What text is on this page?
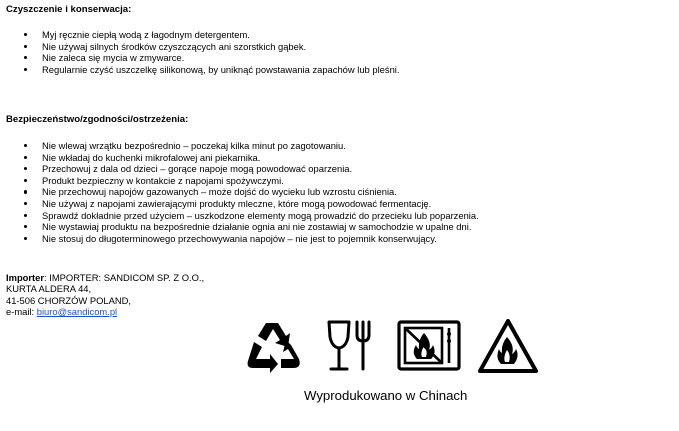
Czyszczenie i konserwacja:
Myj ręcznie ciepłą wodą z łagodnym detergentem.
Nie używaj silnych środków czyszczących ani szorstkich gąbek.
Nie zaleca się mycia w zmywarce.
Regularnie czyść uszczelkę silikonową, by uniknąć powstawania zapachów lub pleśni.
Bezpieczeństwo/zgodności/ostrzeżenia:
Nie wlewaj wrzątku bezpośrednio – poczekaj kilka minut po zagotowaniu.
Nie wkładaj do kuchenki mikrofalowej ani piekarnika.
Przechowuj z dala od dzieci – gorące napoje mogą powodować oparzenia.
Produkt bezpieczny w kontakcie z napojami spożywczymi.
Nie przechowuj napojów gazowanych – może dojść do wycieku lub wzrostu ciśnienia.
Nie używaj z napojami zawierającymi produkty mleczne, które mogą powodować fermentację.
Sprawdź dokładnie przed użyciem – uszkodzone elementy mogą prowadzić do przecieku lub poparzenia.
Nie wystawiaj produktu na bezpośrednie działanie ognia ani nie zostawiaj w samochodzie w upalne dni.
Nie stosuj do długoterminowego przechowywania napojów – nie jest to pojemnik konserwujący.
Importer: IMPORTER: SANDICOM SP. Z O.O.,
KURTA ALDERA 44,
41-506 CHORZÓW POLAND,
e-mail: biuro@sandicom.pl
Wyprodukowano w Chinach
